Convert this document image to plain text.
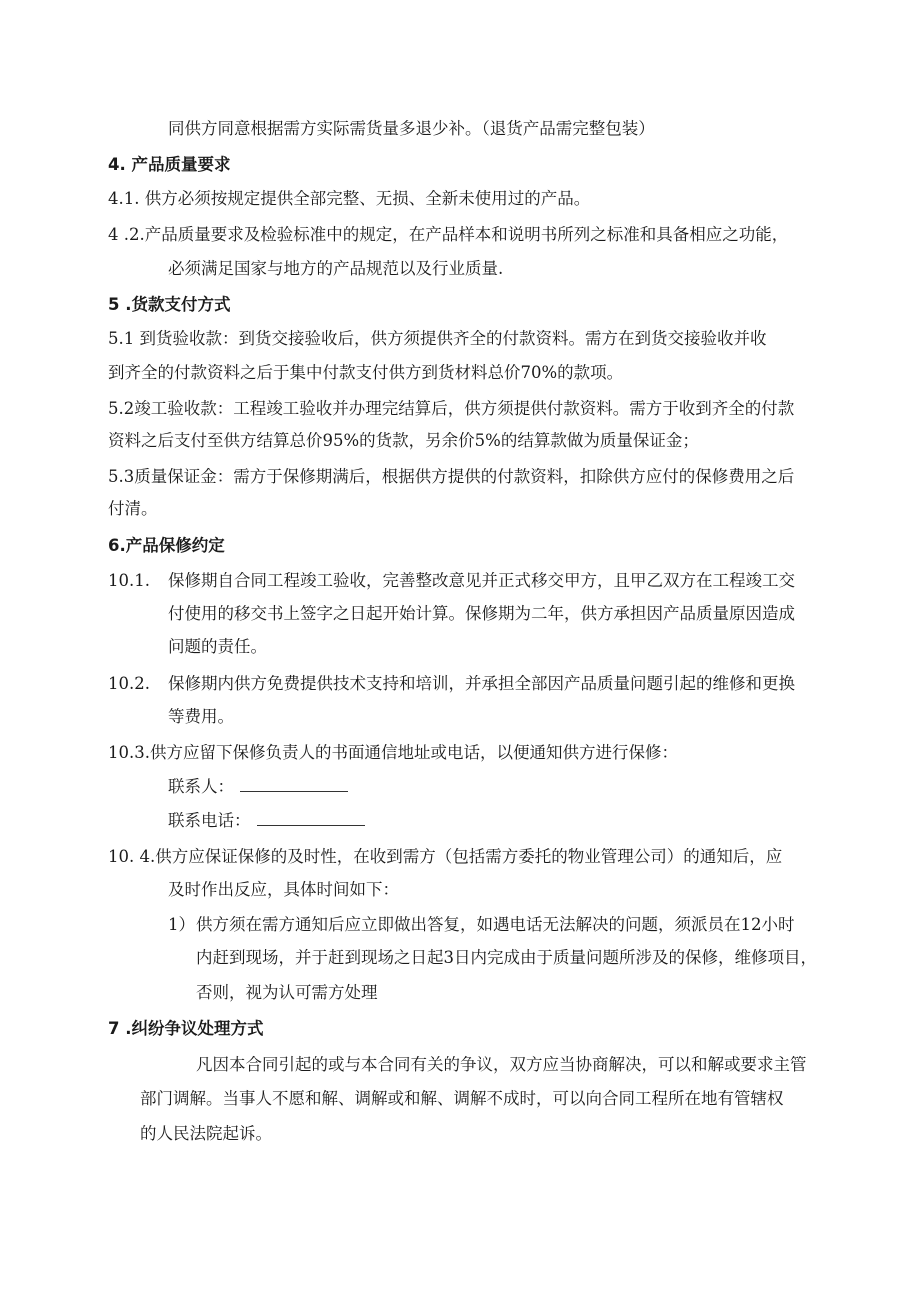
同供方同意根据需方实际需货量多退少补。（退货产品需完整包装）
4. 产品质量要求
4.1. 供方必须按规定提供全部完整、无损、全新未使用过的产品。
4 .2.产品质量要求及检验标准中的规定，在产品样本和说明书所列之标准和具备相应之功能，
必须满足国家与地方的产品规范以及行业质量.
5 .货款支付方式
5.1 到货验收款：到货交接验收后，供方须提供齐全的付款资料。需方在到货交接验收并收
到齐全的付款资料之后于集中付款支付供方到货材料总价70%的款项。
5.2竣工验收款：工程竣工验收并办理完结算后，供方须提供付款资料。需方于收到齐全的付款
资料之后支付至供方结算总价95%的货款，另余价5%的结算款做为质量保证金；
5.3质量保证金：需方于保修期满后，根据供方提供的付款资料，扣除供方应付的保修费用之后
付清。
6.产品保修约定
10.1. 保修期自合同工程竣工验收，完善整改意见并正式移交甲方，且甲乙双方在工程竣工交
付使用的移交书上签字之日起开始计算。保修期为二年，供方承担因产品质量原因造成
问题的责任。
10.2. 保修期内供方免费提供技术支持和培训，并承担全部因产品质量问题引起的维修和更换
等费用。
10.3.供方应留下保修负责人的书面通信地址或电话，以便通知供方进行保修：
联系人：
联系电话：
10. 4.供方应保证保修的及时性，在收到需方（包括需方委托的物业管理公司）的通知后，应
及时作出反应，具体时间如下：
1） 供方须在需方通知后应立即做出答复，如遇电话无法解决的问题，须派员在12小时
内赶到现场，并于赶到现场之日起3日内完成由于质量问题所涉及的保修，维修项目，
否则，视为认可需方处理
7 .纠纷争议处理方式
凡因本合同引起的或与本合同有关的争议，双方应当协商解决，可以和解或要求主管
部门调解。当事人不愿和解、调解或和解、调解不成时，可以向合同工程所在地有管辖权
的人民法院起诉。
